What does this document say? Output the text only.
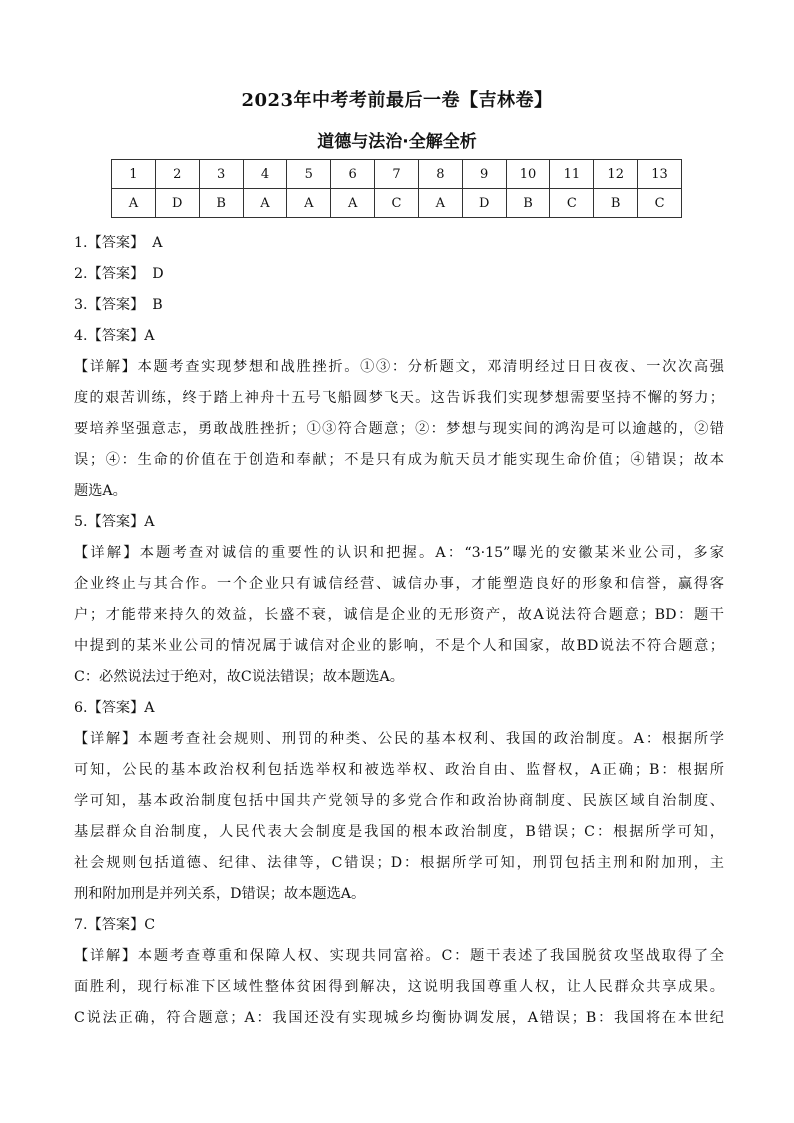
2023年中考考前最后一卷【吉林卷】
道德与法治·全解全析
1	2	3	4	5	6	7	8	9	10	11	12	13
A	D	B	A	A	A	C	A	D	B	C	B	C
1.【答案】 A
2.【答案】 D
3.【答案】 B
4.【答案】 A
【详解】本题考查实现梦想和战胜挫折。①③：分析题文，邓清明经过日日夜夜、一次次高强
度的艰苦训练，终于踏上神舟十五号飞船圆梦飞天。这告诉我们实现梦想需要坚持不懈的努力；
要培养坚强意志，勇敢战胜挫折；①③符合题意；②：梦想与现实间的鸿沟是可以逾越的，②错
误；④：生命的价值在于创造和奉献；不是只有成为航天员才能实现生命价值；④错误；故本
题选A。
5.【答案】 A
【详解】本题考查对诚信的重要性的认识和把握。A：“3·15”曝光的安徽某米业公司，多家
企业终止与其合作。一个企业只有诚信经营、诚信办事，才能塑造良好的形象和信誉，赢得客
户；才能带来持久的效益，长盛不衰，诚信是企业的无形资产，故A说法符合题意；BD：题干
中提到的某米业公司的情况属于诚信对企业的影响，不是个人和国家，故BD说法不符合题意；
C：必然说法过于绝对，故C说法错误；故本题选A。
6.【答案】 A
【详解】本题考查社会规则、刑罚的种类、公民的基本权利、我国的政治制度。A：根据所学
可知，公民的基本政治权利包括选举权和被选举权、政治自由、监督权，A正确；B：根据所
学可知，基本政治制度包括中国共产党领导的多党合作和政治协商制度、民族区域自治制度、
基层群众自治制度，人民代表大会制度是我国的根本政治制度，B错误；C：根据所学可知，
社会规则包括道德、纪律、法律等，C错误；D：根据所学可知，刑罚包括主刑和附加刑，主
刑和附加刑是并列关系，D错误；故本题选A。
7.【答案】 C
【详解】本题考查尊重和保障人权、实现共同富裕。C：题干表述了我国脱贫攻坚战取得了全
面胜利，现行标准下区域性整体贫困得到解决，这说明我国尊重人权，让人民群众共享成果。
C说法正确，符合题意；A：我国还没有实现城乡均衡协调发展，A错误；B：我国将在本世纪
